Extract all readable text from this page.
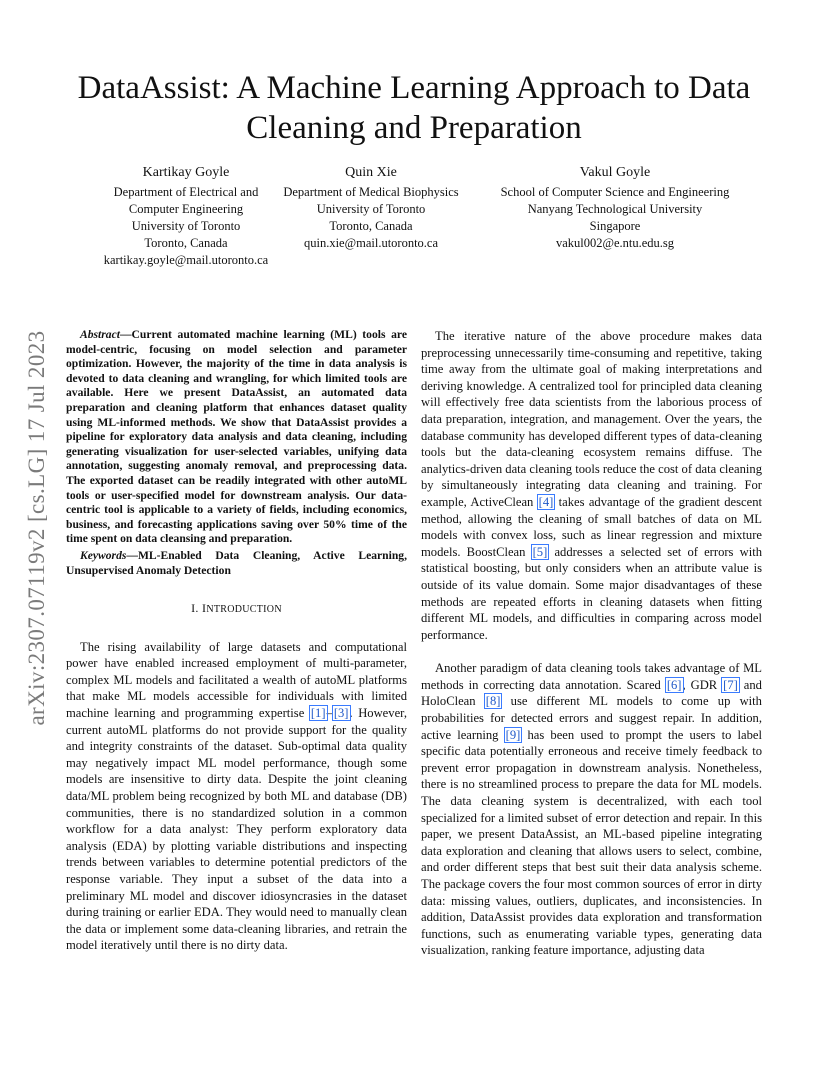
arXiv:2307.07119v2 [cs.LG] 17 Jul 2023
DataAssist: A Machine Learning Approach to Data
Cleaning and Preparation
Kartikay Goyle
Department of Electrical and
Computer Engineering
University of Toronto
Toronto, Canada
kartikay.goyle@mail.utoronto.ca
Quin Xie
Department of Medical Biophysics
University of Toronto
Toronto, Canada
quin.xie@mail.utoronto.ca
Vakul Goyle
School of Computer Science and Engineering
Nanyang Technological University
Singapore
vakul002@e.ntu.edu.sg

Abstract—Current automated machine learning (ML) tools are model-centric, focusing on model selection and parameter optimization. However, the majority of the time in data analysis is devoted to data cleaning and wrangling, for which limited tools are available. Here we present DataAssist, an automated data preparation and cleaning platform that enhances dataset quality using ML-informed methods. We show that DataAssist provides a pipeline for exploratory data analysis and data cleaning, including generating visualization for user-selected variables, unifying data annotation, suggesting anomaly removal, and preprocessing data. The exported dataset can be readily integrated with other autoML tools or user-specified model for downstream analysis. Our data-centric tool is applicable to a variety of fields, including economics, business, and forecasting applications saving over 50% time of the time spent on data cleansing and preparation.

Keywords—ML-Enabled Data Cleaning, Active Learning, Unsupervised Anomaly Detection

I. INTRODUCTION

The rising availability of large datasets and computational power have enabled increased employment of multi-parameter, complex ML models and facilitated a wealth of autoML platforms that make ML models accessible for individuals with limited machine learning and programming expertise [1]–[3]. However, current autoML platforms do not provide support for the quality and integrity constraints of the dataset. Sub-optimal data quality may negatively impact ML model performance, though some models are insensitive to dirty data. Despite the joint cleaning data/ML problem being recognized by both ML and database (DB) communities, there is no standardized solution in a common workflow for a data analyst: They perform exploratory data analysis (EDA) by plotting variable distributions and inspecting trends between variables to determine potential predictors of the response variable. They input a subset of the data into a preliminary ML model and discover idiosyncrasies in the dataset during training or earlier EDA. They would need to manually clean the data or implement some data-cleaning libraries, and retrain the model iteratively until there is no dirty data.

The iterative nature of the above procedure makes data preprocessing unnecessarily time-consuming and repetitive, taking time away from the ultimate goal of making interpretations and deriving knowledge. A centralized tool for principled data cleaning will effectively free data scientists from the laborious process of data preparation, integration, and management. Over the years, the database community has developed different types of data-cleaning tools but the data-cleaning ecosystem remains diffuse. The analytics-driven data cleaning tools reduce the cost of data cleaning by simultaneously integrating data cleaning and training. For example, ActiveClean [4] takes advantage of the gradient descent method, allowing the cleaning of small batches of data on ML models with convex loss, such as linear regression and mixture models. BoostClean [5] addresses a selected set of errors with statistical boosting, but only considers when an attribute value is outside of its value domain. Some major disadvantages of these methods are repeated efforts in cleaning datasets when fitting different ML models, and difficulties in comparing across model performance.

Another paradigm of data cleaning tools takes advantage of ML methods in correcting data annotation. Scared [6], GDR [7] and HoloClean [8] use different ML models to come up with probabilities for detected errors and suggest repair. In addition, active learning [9] has been used to prompt the users to label specific data potentially erroneous and receive timely feedback to prevent error propagation in downstream analysis. Nonetheless, there is no streamlined process to prepare the data for ML models. The data cleaning system is decentralized, with each tool specialized for a limited subset of error detection and repair. In this paper, we present DataAssist, an ML-based pipeline integrating data exploration and cleaning that allows users to select, combine, and order different steps that best suit their data analysis scheme. The package covers the four most common sources of error in dirty data: missing values, outliers, duplicates, and inconsistencies. In addition, DataAssist provides data exploration and transformation functions, such as enumerating variable types, generating data visualization, ranking feature importance, adjusting data
